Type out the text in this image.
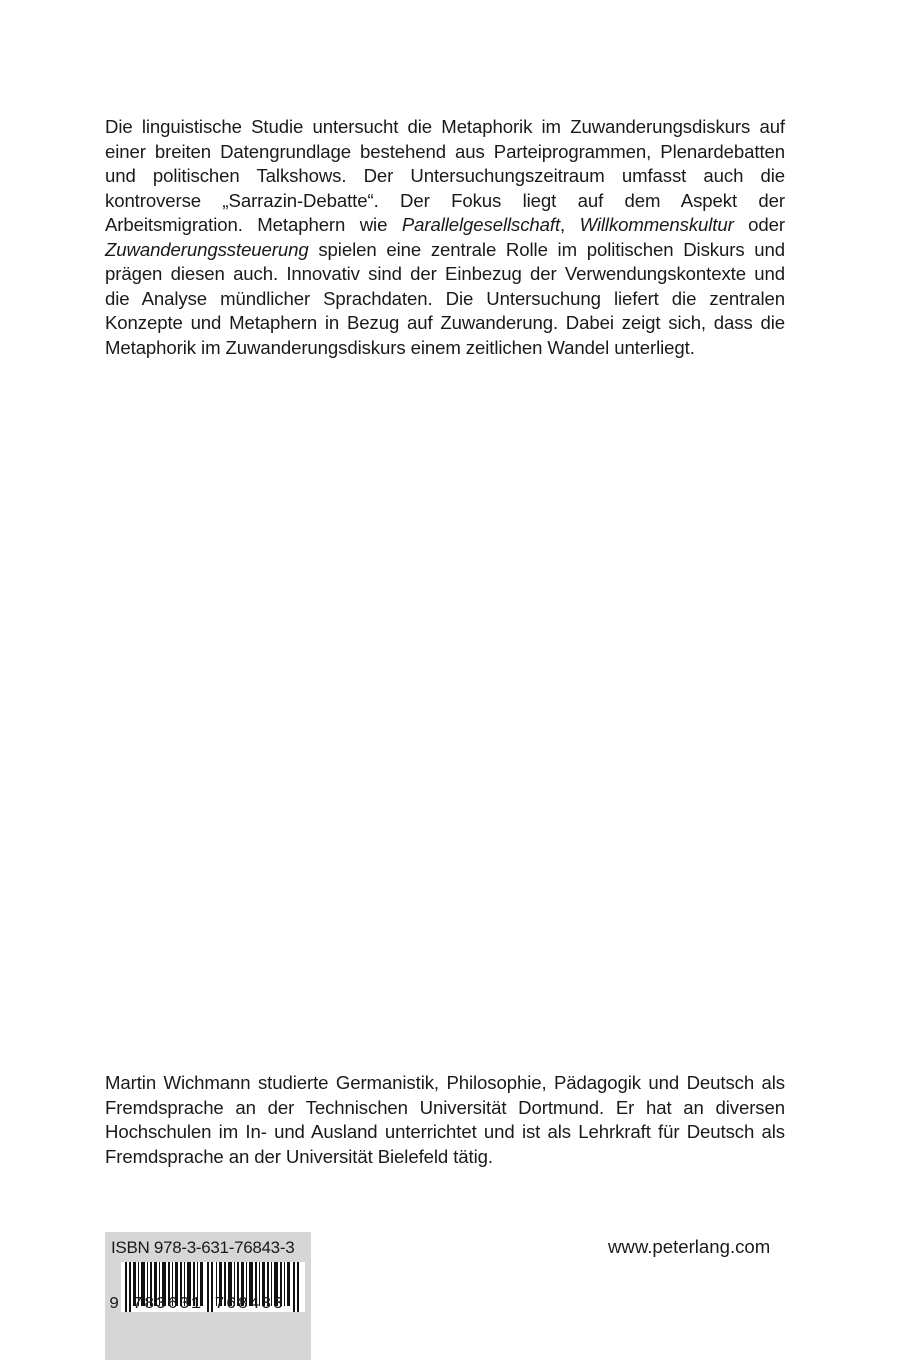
Die linguistische Studie untersucht die Metaphorik im Zuwanderungsdiskurs auf einer breiten Datengrundlage bestehend aus Parteiprogrammen, Plenardebatten und politischen Talkshows. Der Untersuchungszeitraum umfasst auch die kontroverse „Sarrazin-Debatte“. Der Fokus liegt auf dem Aspekt der Arbeitsmigration. Metaphern wie Parallelgesellschaft, Willkommenskultur oder Zuwanderungssteuerung spielen eine zentrale Rolle im politischen Diskurs und prägen diesen auch. Innovativ sind der Einbezug der Verwendungskontexte und die Analyse mündlicher Sprachdaten. Die Untersuchung liefert die zentralen Konzepte und Metaphern in Bezug auf Zuwanderung. Dabei zeigt sich, dass die Metaphorik im Zuwanderungsdiskurs einem zeitlichen Wandel unterliegt.

Martin Wichmann studierte Germanistik, Philosophie, Pädagogik und Deutsch als Fremdsprache an der Technischen Universität Dortmund. Er hat an diversen Hochschulen im In- und Ausland unterrichtet und ist als Lehrkraft für Deutsch als Fremdsprache an der Universität Bielefeld tätig.

ISBN 978-3-631-76843-3
9 783631 768433
www.peterlang.com
